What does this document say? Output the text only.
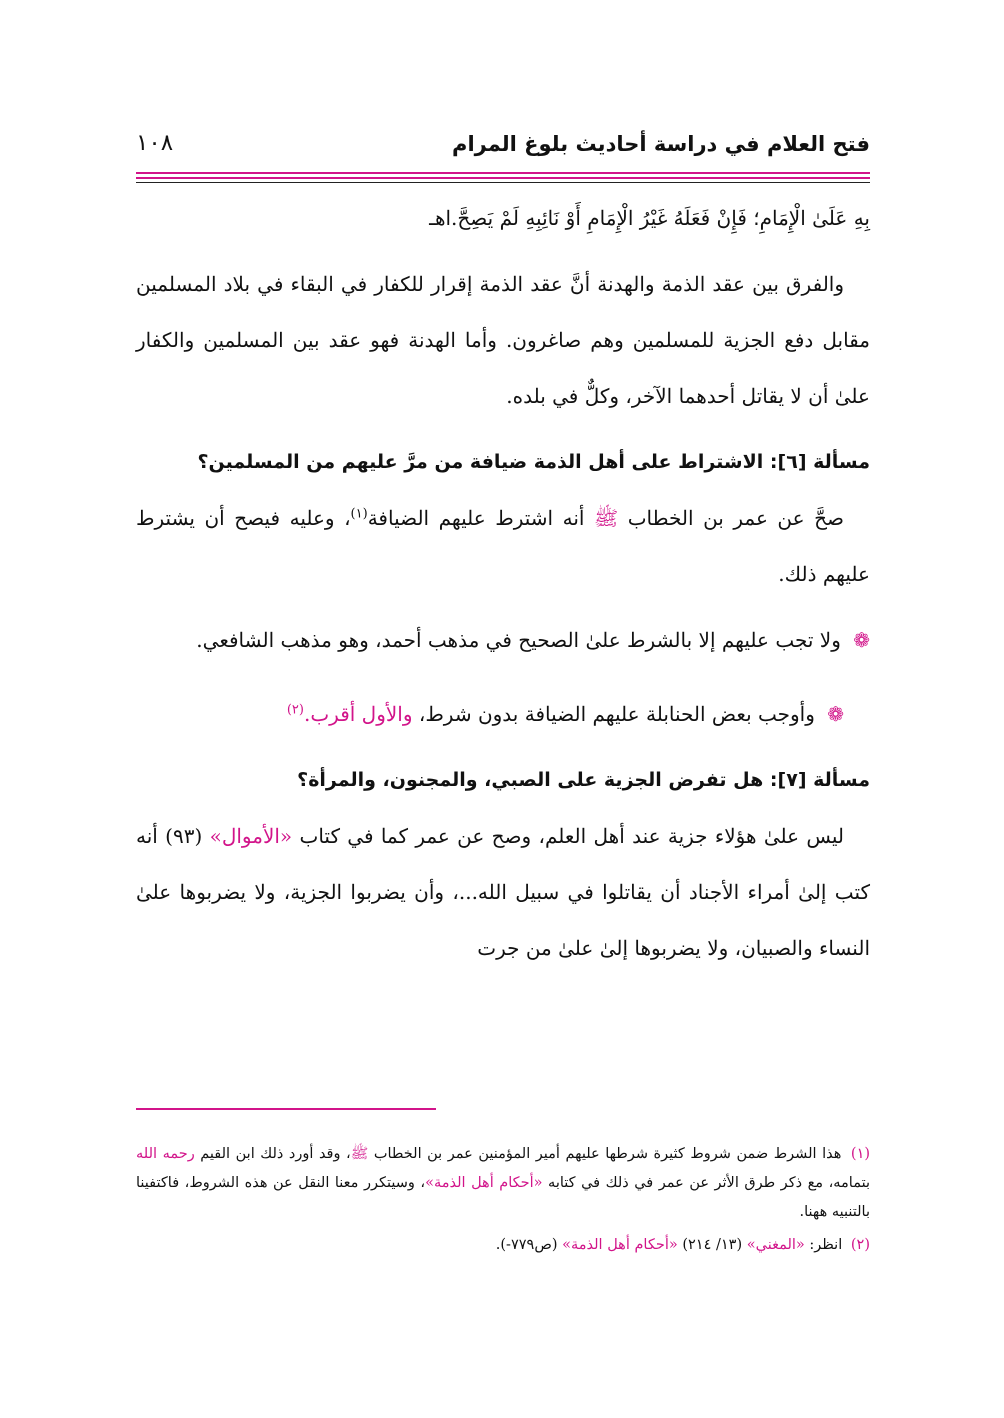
فتح العلام في دراسة أحاديث بلوغ المرام
١٠٨

بِهِ عَلَىٰ الْإِمَامِ؛ فَإِنْ فَعَلَهُ غَيْرُ الْإِمَامِ أَوْ نَائِبِهِ لَمْ يَصِحَّ.اهـ

والفرق بين عقد الذمة والهدنة أنَّ عقد الذمة إقرار للكفار في البقاء في بلاد المسلمين مقابل دفع الجزية للمسلمين وهم صاغرون. وأما الهدنة فهو عقد بين المسلمين والكفار علىٰ أن لا يقاتل أحدهما الآخر، وكلٌّ في بلده.

مسألة [٦]: الاشتراط على أهل الذمة ضيافة من مرَّ عليهم من المسلمين؟

صحَّ عن عمر بن الخطاب ﷺ أنه اشترط عليهم الضيافة$^{(١)}$، وعليه فيصح أن يشترط عليهم ذلك.

❁ ولا تجب عليهم إلا بالشرط علىٰ الصحيح في مذهب أحمد، وهو مذهب الشافعي.

❁ وأوجب بعض الحنابلة عليهم الضيافة بدون شرط، والأول أقرب.$^{(٢)}$

مسألة [٧]: هل تفرض الجزية على الصبي، والمجنون، والمرأة؟

ليس علىٰ هؤلاء جزية عند أهل العلم، وصح عن عمر كما في كتاب «الأموال» (٩٣) أنه كتب إلىٰ أمراء الأجناد أن يقاتلوا في سبيل الله...، وأن يضربوا الجزية، ولا يضربوها علىٰ النساء والصبيان، ولا يضربوها إلىٰ علىٰ من جرت

(١) هذا الشرط ضمن شروط كثيرة شرطها عليهم أمير المؤمنين عمر بن الخطاب ﷺ، وقد أورد ذلك ابن القيم رحمه الله بتمامه، مع ذكر طرق الأثر عن عمر في ذلك في كتابه «أحكام أهل الذمة»، وسيتكرر معنا النقل عن هذه الشروط، فاكتفينا بالتنبيه ههنا.

(٢) انظر: «المغني» (١٣/ ٢١٤) «أحكام أهل الذمة» (ص٧٧٩-).
